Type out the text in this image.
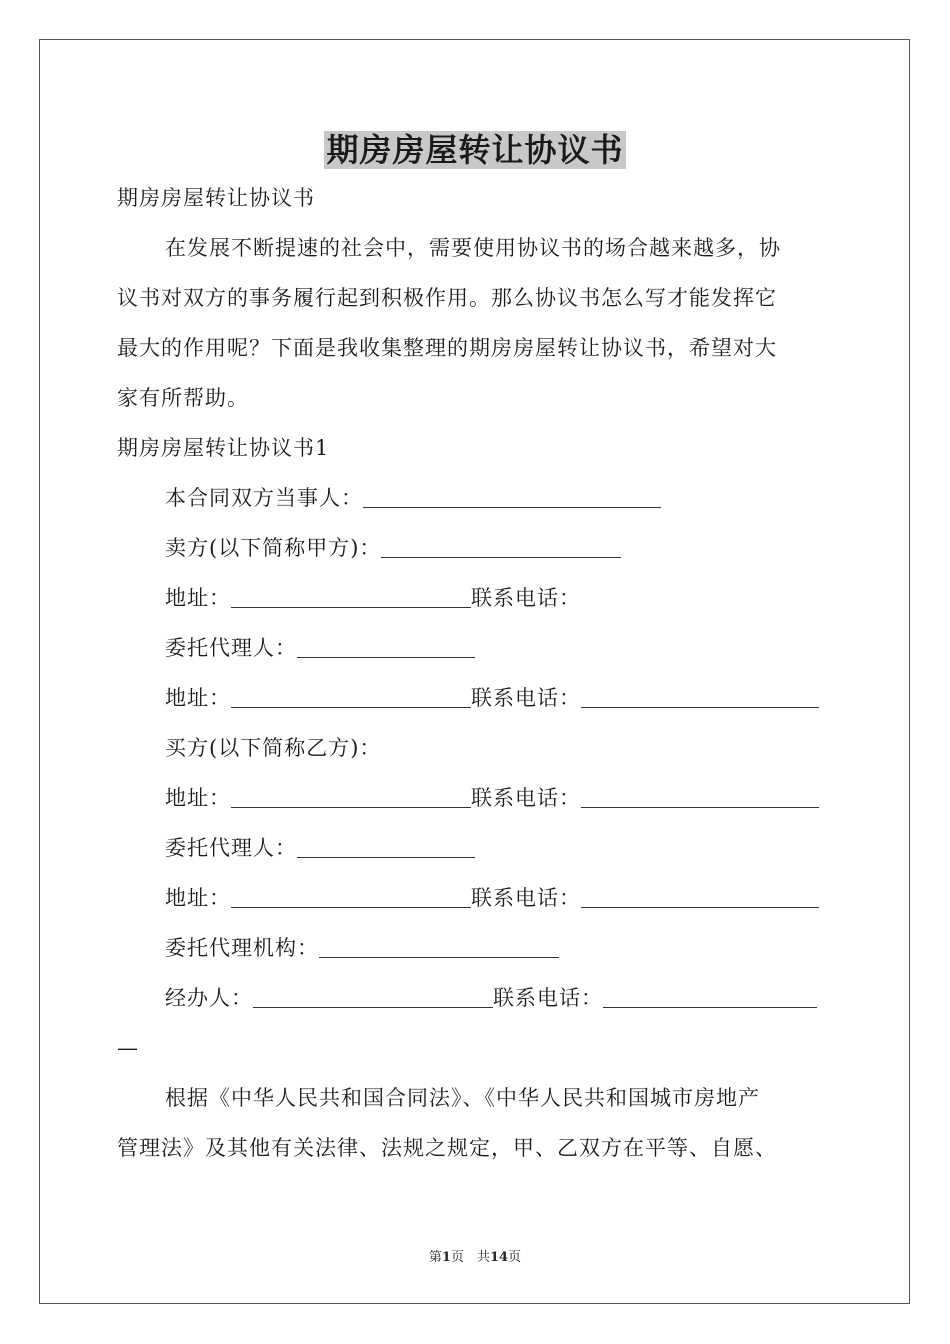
期房房屋转让协议书
期房房屋转让协议书
在发展不断提速的社会中，需要使用协议书的场合越来越多，协
议书对双方的事务履行起到积极作用。那么协议书怎么写才能发挥它
最大的作用呢？下面是我收集整理的期房房屋转让协议书，希望对大
家有所帮助。
期房房屋转让协议书1
本合同双方当事人：
卖方(以下简称甲方)：
地址：	联系电话：
委托代理人：
地址：	联系电话：
买方(以下简称乙方)：
地址：	联系电话：
委托代理人：
地址：	联系电话：
委托代理机构：
经办人：	联系电话：
—
根据《中华人民共和国合同法》、《中华人民共和国城市房地产
管理法》及其他有关法律、法规之规定，甲、乙双方在平等、自愿、
第1页　共14页
